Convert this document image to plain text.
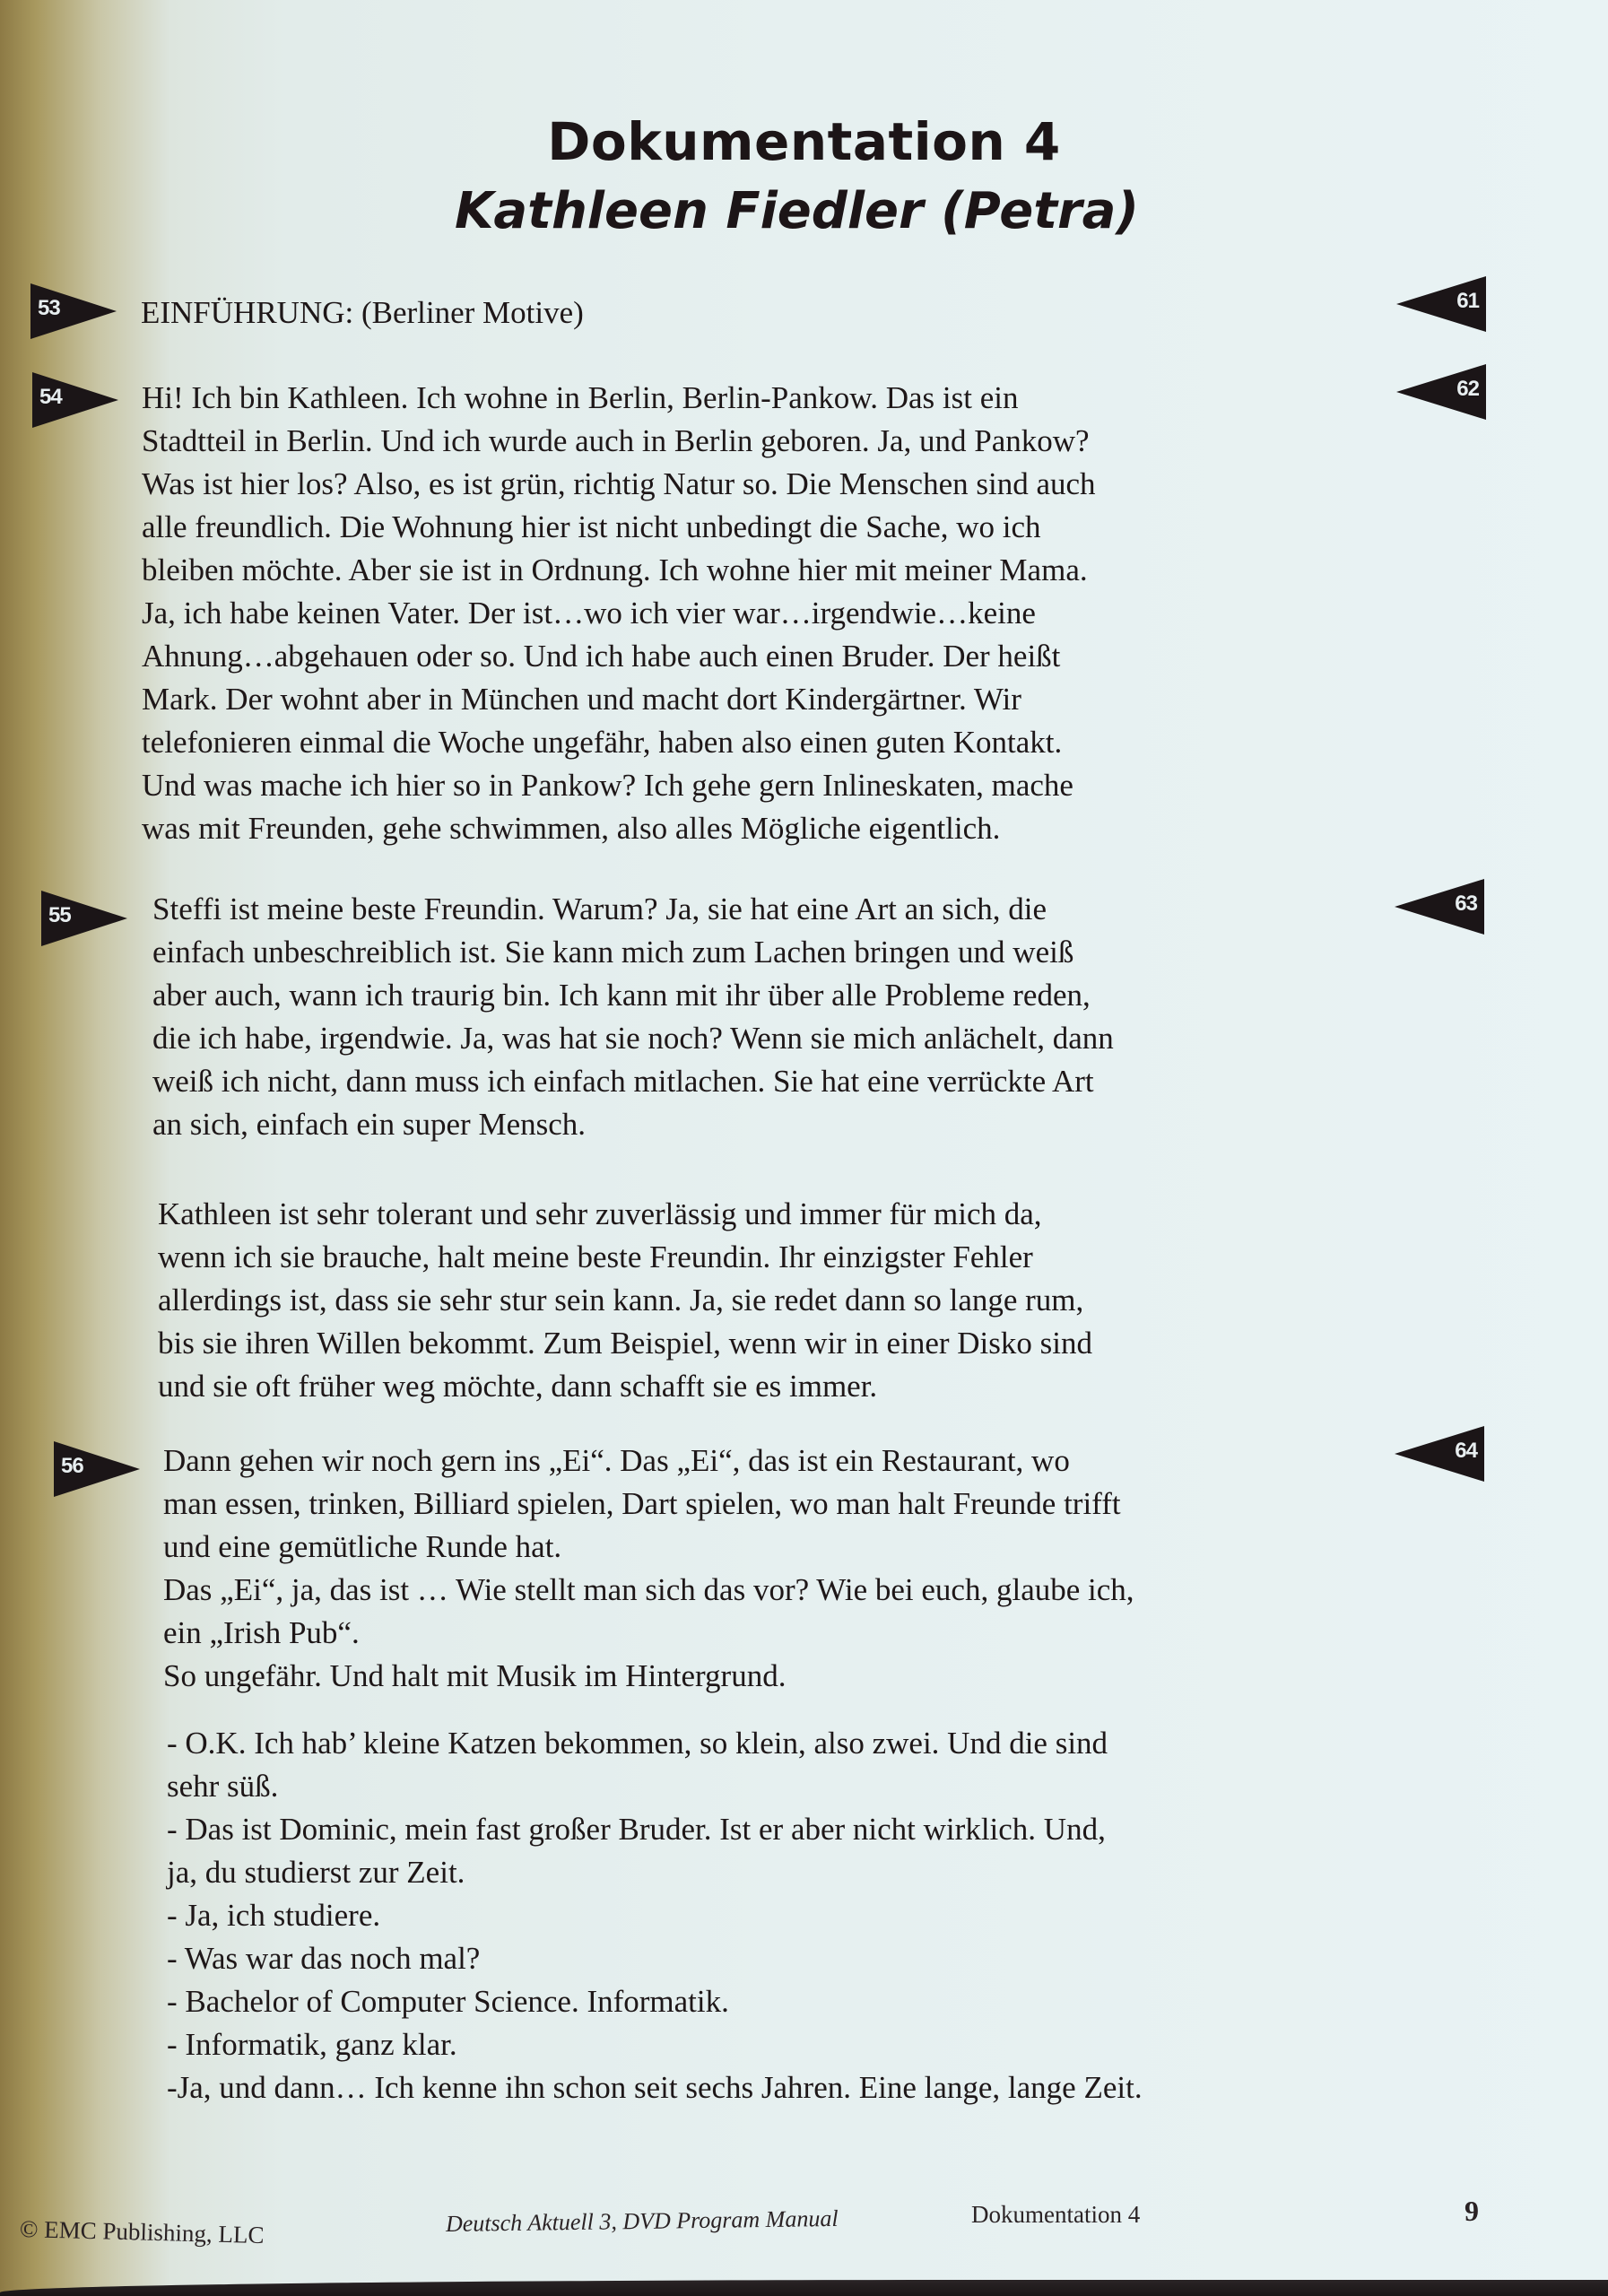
Dokumentation 4
Kathleen Fiedler (Petra)
53	61

EINFÜHRUNG: (Berliner Motive)

54	62

Hi! Ich bin Kathleen. Ich wohne in Berlin, Berlin-Pankow. Das ist ein
Stadtteil in Berlin. Und ich wurde auch in Berlin geboren. Ja, und Pankow?
Was ist hier los? Also, es ist grün, richtig Natur so. Die Menschen sind auch
alle freundlich. Die Wohnung hier ist nicht unbedingt die Sache, wo ich
bleiben möchte. Aber sie ist in Ordnung. Ich wohne hier mit meiner Mama.
Ja, ich habe keinen Vater. Der ist…wo ich vier war…irgendwie…keine
Ahnung…abgehauen oder so. Und ich habe auch einen Bruder. Der heißt
Mark. Der wohnt aber in München und macht dort Kindergärtner. Wir
telefonieren einmal die Woche ungefähr, haben also einen guten Kontakt.
Und was mache ich hier so in Pankow? Ich gehe gern Inlineskaten, mache
was mit Freunden, gehe schwimmen, also alles Mögliche eigentlich.

55	63

Steffi ist meine beste Freundin. Warum? Ja, sie hat eine Art an sich, die
einfach unbeschreiblich ist. Sie kann mich zum Lachen bringen und weiß
aber auch, wann ich traurig bin. Ich kann mit ihr über alle Probleme reden,
die ich habe, irgendwie. Ja, was hat sie noch? Wenn sie mich anlächelt, dann
weiß ich nicht, dann muss ich einfach mitlachen. Sie hat eine verrückte Art
an sich, einfach ein super Mensch.

Kathleen ist sehr tolerant und sehr zuverlässig und immer für mich da,
wenn ich sie brauche, halt meine beste Freundin. Ihr einzigster Fehler
allerdings ist, dass sie sehr stur sein kann. Ja, sie redet dann so lange rum,
bis sie ihren Willen bekommt. Zum Beispiel, wenn wir in einer Disko sind
und sie oft früher weg möchte, dann schafft sie es immer.

56
64

Dann gehen wir noch gern ins „Ei“. Das „Ei“, das ist ein Restaurant, wo
man essen, trinken, Billiard spielen, Dart spielen, wo man halt Freunde trifft
und eine gemütliche Runde hat.
Das „Ei“, ja, das ist … Wie stellt man sich das vor? Wie bei euch, glaube ich,
ein „Irish Pub“.
So ungefähr. Und halt mit Musik im Hintergrund.

- O.K. Ich hab’ kleine Katzen bekommen, so klein, also zwei. Und die sind
sehr süß.
- Das ist Dominic, mein fast großer Bruder. Ist er aber nicht wirklich. Und,
ja, du studierst zur Zeit.
- Ja, ich studiere.
- Was war das noch mal?
- Bachelor of Computer Science. Informatik.
- Informatik, ganz klar.
-Ja, und dann… Ich kenne ihn schon seit sechs Jahren. Eine lange, lange Zeit.

© EMC Publishing, LLC	Deutsch Aktuell 3, DVD Program Manual	Dokumentation 4	9
